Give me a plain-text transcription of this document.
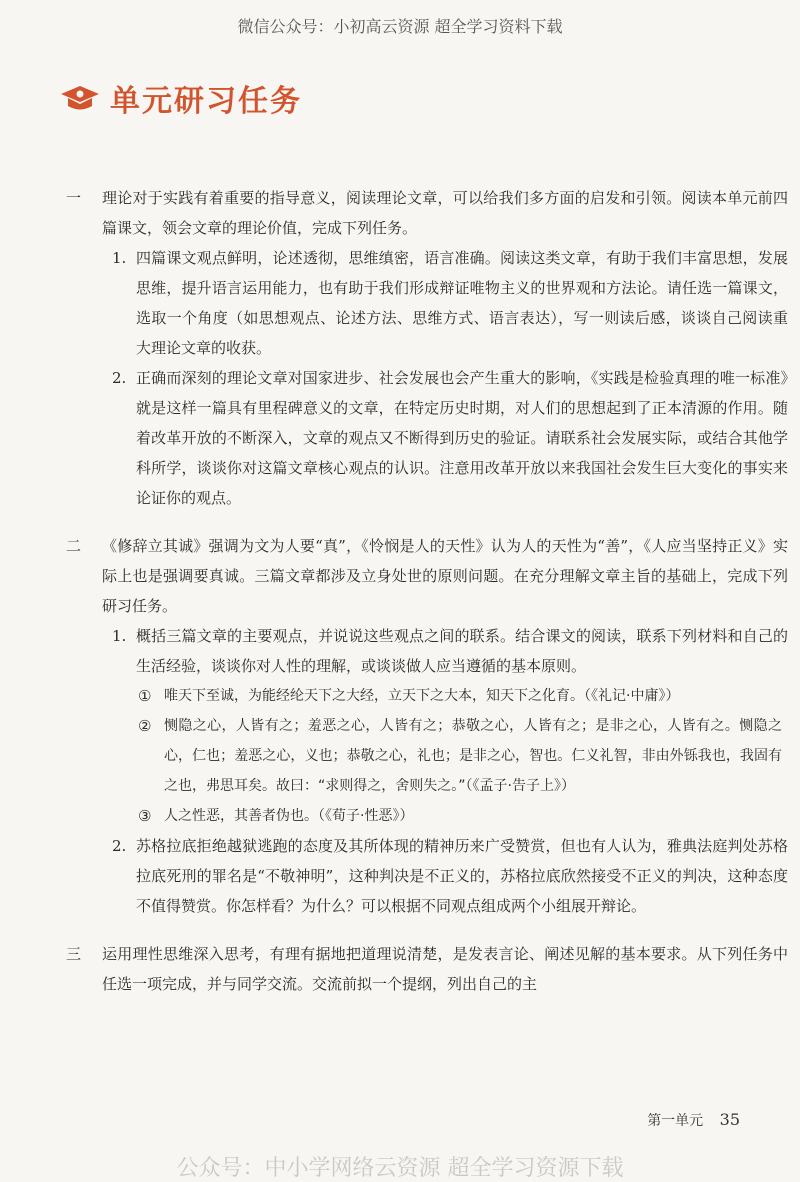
微信公众号：小初高云资源 超全学习资料下载
单元研习任务
一 理论对于实践有着重要的指导意义，阅读理论文章，可以给我们多方面的启发和引领。阅读本单元前四篇课文，领会文章的理论价值，完成下列任务。
1. 四篇课文观点鲜明，论述透彻，思维缜密，语言准确。阅读这类文章，有助于我们丰富思想，发展思维，提升语言运用能力，也有助于我们形成辩证唯物主义的世界观和方法论。请任选一篇课文，选取一个角度（如思想观点、论述方法、思维方式、语言表达），写一则读后感，谈谈自己阅读重大理论文章的收获。
2. 正确而深刻的理论文章对国家进步、社会发展也会产生重大的影响，《实践是检验真理的唯一标准》就是这样一篇具有里程碑意义的文章，在特定历史时期，对人们的思想起到了正本清源的作用。随着改革开放的不断深入，文章的观点又不断得到历史的验证。请联系社会发展实际，或结合其他学科所学，谈谈你对这篇文章核心观点的认识。注意用改革开放以来我国社会发生巨大变化的事实来论证你的观点。
二 《修辞立其诚》强调为文为人要“真”，《怜悯是人的天性》认为人的天性为“善”，《人应当坚持正义》实际上也是强调要真诚。三篇文章都涉及立身处世的原则问题。在充分理解文章主旨的基础上，完成下列研习任务。
1. 概括三篇文章的主要观点，并说说这些观点之间的联系。结合课文的阅读，联系下列材料和自己的生活经验，谈谈你对人性的理解，或谈谈做人应当遵循的基本原则。
① 唯天下至诚，为能经纶天下之大经，立天下之大本，知天下之化育。（《礼记·中庸》）
② 恻隐之心，人皆有之；羞恶之心，人皆有之；恭敬之心，人皆有之；是非之心，人皆有之。恻隐之心，仁也；羞恶之心，义也；恭敬之心，礼也；是非之心，智也。仁义礼智，非由外铄我也，我固有之也，弗思耳矣。故曰：“求则得之，舍则失之。”（《孟子·告子上》）
③ 人之性恶，其善者伪也。（《荀子·性恶》）
2. 苏格拉底拒绝越狱逃跑的态度及其所体现的精神历来广受赞赏，但也有人认为，雅典法庭判处苏格拉底死刑的罪名是“不敬神明”，这种判决是不正义的，苏格拉底欣然接受不正义的判决，这种态度不值得赞赏。你怎样看？为什么？可以根据不同观点组成两个小组展开辩论。
三 运用理性思维深入思考，有理有据地把道理说清楚，是发表言论、阐述见解的基本要求。从下列任务中任选一项完成，并与同学交流。交流前拟一个提纲，列出自己的主
第一单元 35
公众号：中小学网络云资源 超全学习资源下载
